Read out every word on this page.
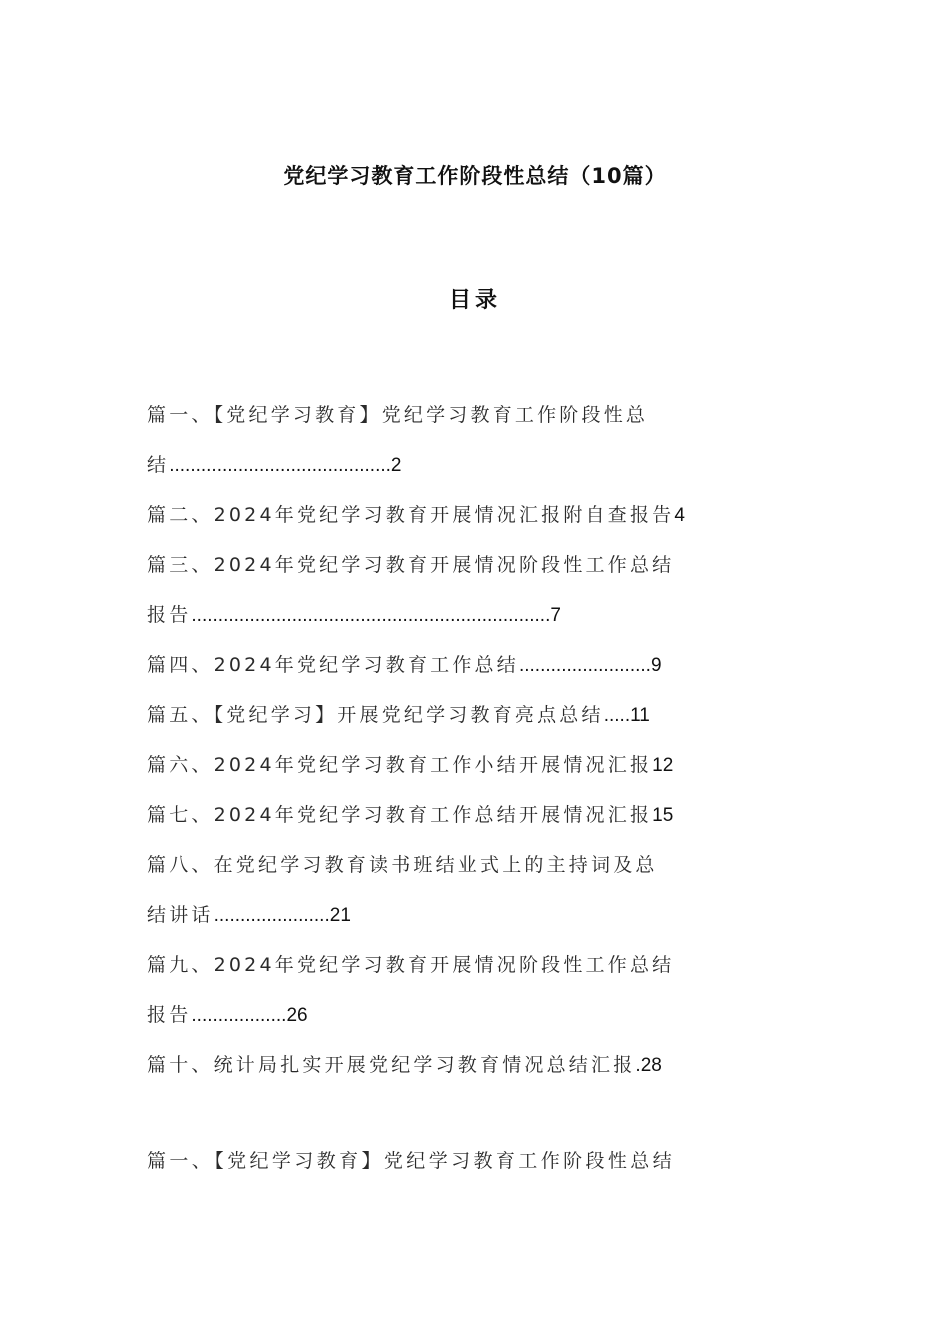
党纪学习教育工作阶段性总结（10篇）
目录
篇一、【党纪学习教育】党纪学习教育工作阶段性总
结..........................................2
篇二、2024年党纪学习教育开展情况汇报附自查报告4
篇三、2024年党纪学习教育开展情况阶段性工作总结
报告....................................................................7
篇四、2024年党纪学习教育工作总结.........................9
篇五、【党纪学习】开展党纪学习教育亮点总结.....11
篇六、2024年党纪学习教育工作小结开展情况汇报12
篇七、2024年党纪学习教育工作总结开展情况汇报15
篇八、在党纪学习教育读书班结业式上的主持词及总
结讲话......................21
篇九、2024年党纪学习教育开展情况阶段性工作总结
报告..................26
篇十、统计局扎实开展党纪学习教育情况总结汇报.28
篇一、【党纪学习教育】党纪学习教育工作阶段性总结
